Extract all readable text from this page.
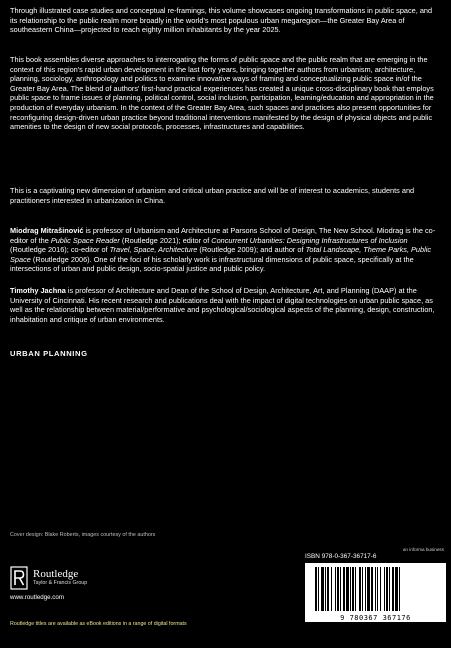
Through illustrated case studies and conceptual re-framings, this volume showcases ongoing transformations in public space, and its relationship to the public realm more broadly in the world's most populous urban megaregion—the Greater Bay Area of southeastern China—projected to reach eighty million inhabitants by the year 2025.

This book assembles diverse approaches to interrogating the forms of public space and the public realm that are emerging in the context of this region's rapid urban development in the last forty years, bringing together authors from urbanism, architecture, planning, sociology, anthropology and politics to examine innovative ways of framing and conceptualizing public space in/of the Greater Bay Area. The blend of authors' first-hand practical experiences has created a unique cross-disciplinary book that employs public space to frame issues of planning, political control, social inclusion, participation, learning/education and appropriation in the production of everyday urbanism. In the context of the Greater Bay Area, such spaces and practices also present opportunities for reconfiguring design-driven urban practice beyond traditional interventions manifested by the design of physical objects and public amenities to the design of new social protocols, processes, infrastructures and capabilities.

This is a captivating new dimension of urbanism and critical urban practice and will be of interest to academics, students and practitioners interested in urbanization in China.

Miodrag Mitrašinović is professor of Urbanism and Architecture at Parsons School of Design, The New School. Miodrag is the co-editor of the Public Space Reader (Routledge 2021); editor of Concurrent Urbanities: Designing Infrastructures of Inclusion (Routledge 2016); co-editor of Travel, Space, Architecture (Routledge 2009); and author of Total Landscape, Theme Parks, Public Space (Routledge 2006). One of the foci of his scholarly work is infrastructural dimensions of public space, specifically at the intersections of urban and public design, socio-spatial justice and public policy.

Timothy Jachna is professor of Architecture and Dean of the School of Design, Architecture, Art, and Planning (DAAP) at the University of Cincinnati. His recent research and publications deal with the impact of digital technologies on urban public space, as well as the relationship between material/performative and psychological/sociological aspects of the planning, design, construction, inhabitation and critique of urban environments.

URBAN PLANNING
Cover design: Blake Roberts, images courtesy of the authors
Routledge
Taylor & Francis Group
www.routledge.com
Routledge titles are available as eBook editions in a range of digital formats
ISBN 978-0-367-36717-6
an informa business
9 780367 367176
